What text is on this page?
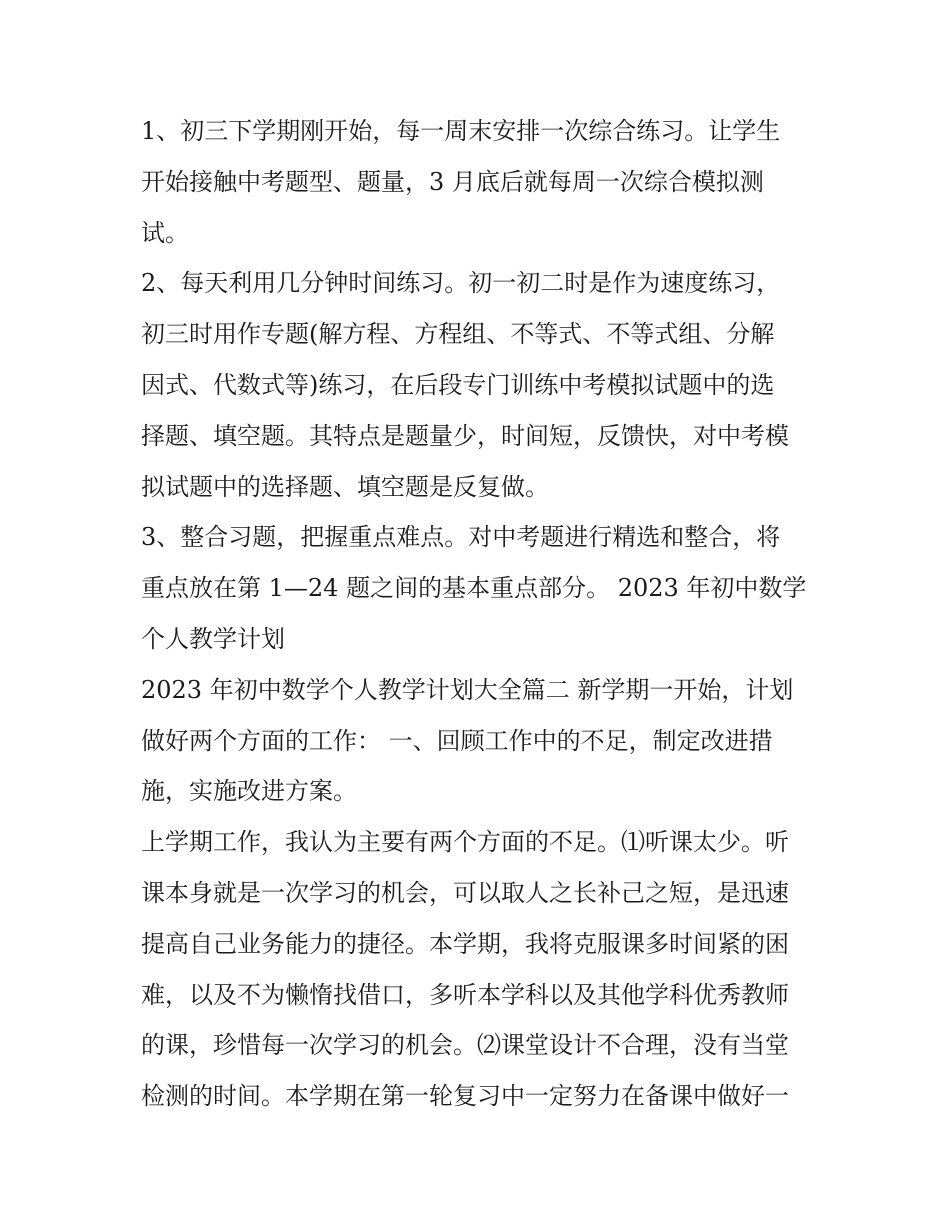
1、初三下学期刚开始，每一周末安排一次综合练习。让学生
开始接触中考题型、题量，3 月底后就每周一次综合模拟测
试。

2、每天利用几分钟时间练习。初一初二时是作为速度练习，
初三时用作专题(解方程、方程组、不等式、不等式组、分解
因式、代数式等)练习，在后段专门训练中考模拟试题中的选
择题、填空题。其特点是题量少，时间短，反馈快，对中考模
拟试题中的选择题、填空题是反复做。

3、整合习题，把握重点难点。对中考题进行精选和整合，将
重点放在第 1—24 题之间的基本重点部分。 2023 年初中数学
个人教学计划

2023 年初中数学个人教学计划大全篇二 新学期一开始，计划
做好两个方面的工作： 一、回顾工作中的不足，制定改进措
施，实施改进方案。

上学期工作，我认为主要有两个方面的不足。⑴听课太少。听
课本身就是一次学习的机会，可以取人之长补己之短，是迅速
提高自己业务能力的捷径。本学期，我将克服课多时间紧的困
难，以及不为懒惰找借口，多听本学科以及其他学科优秀教师
的课，珍惜每一次学习的机会。⑵课堂设计不合理，没有当堂
检测的时间。本学期在第一轮复习中一定努力在备课中做好一
